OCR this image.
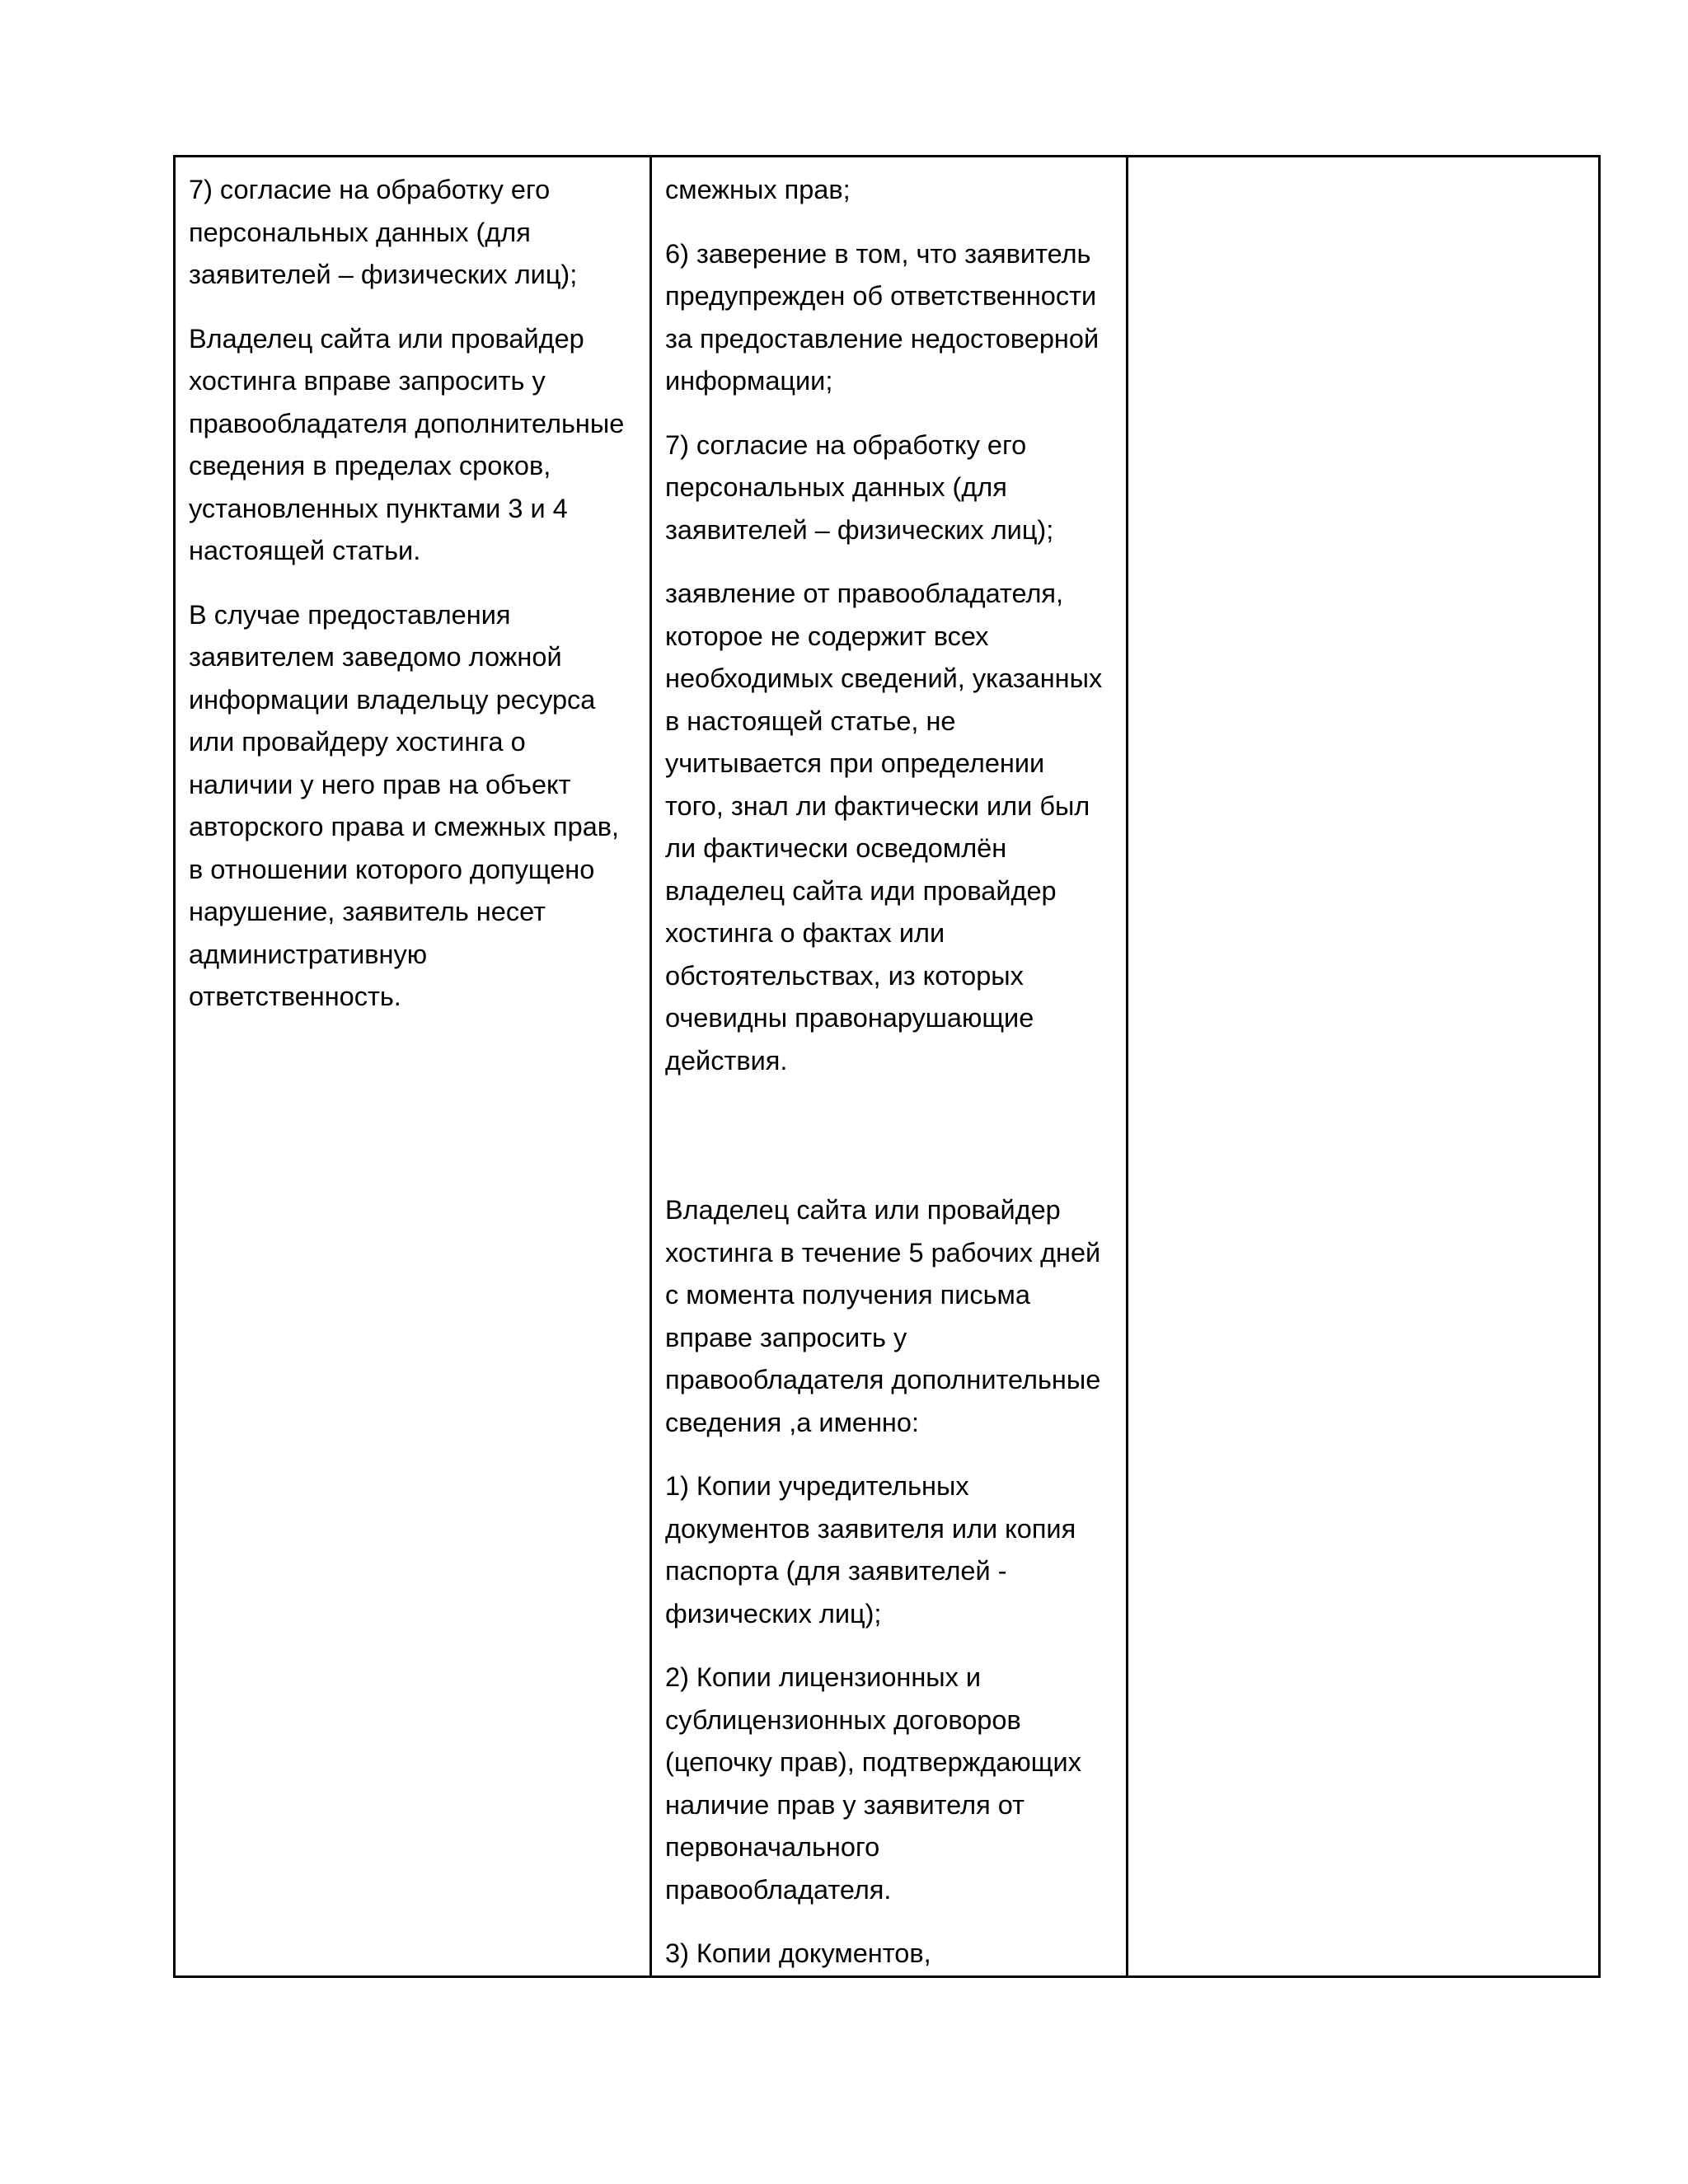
7) согласие на обработку его
персональных данных (для
заявителей – физических лиц);

Владелец сайта или провайдер
хостинга вправе запросить у
правообладателя дополнительные
сведения в пределах сроков,
установленных пунктами 3 и 4
настоящей статьи.

В случае предоставления
заявителем заведомо ложной
информации владельцу ресурса
или провайдеру хостинга о
наличии у него прав на объект
авторского права и смежных прав,
в отношении которого допущено
нарушение, заявитель несет
административную
ответственность.

смежных прав;

6) заверение в том, что заявитель
предупрежден об ответственности
за предоставление недостоверной
информации;

7) согласие на обработку его
персональных данных (для
заявителей – физических лиц);

заявление от правообладателя,
которое не содержит всех
необходимых сведений, указанных
в настоящей статье, не
учитывается при определении
того, знал ли фактически или был
ли фактически осведомлён
владелец сайта иди провайдер
хостинга о фактах или
обстоятельствах, из которых
очевидны правонарушающие
действия.

Владелец сайта или провайдер
хостинга в течение 5 рабочих дней
с момента получения письма
вправе запросить у
правообладателя дополнительные
сведения ,а именно:

1) Копии учредительных
документов заявителя или копия
паспорта (для заявителей -
физических лиц);

2) Копии лицензионных и
сублицензионных договоров
(цепочку прав), подтверждающих
наличие прав у заявителя от
первоначального
правообладателя.

3) Копии документов,
